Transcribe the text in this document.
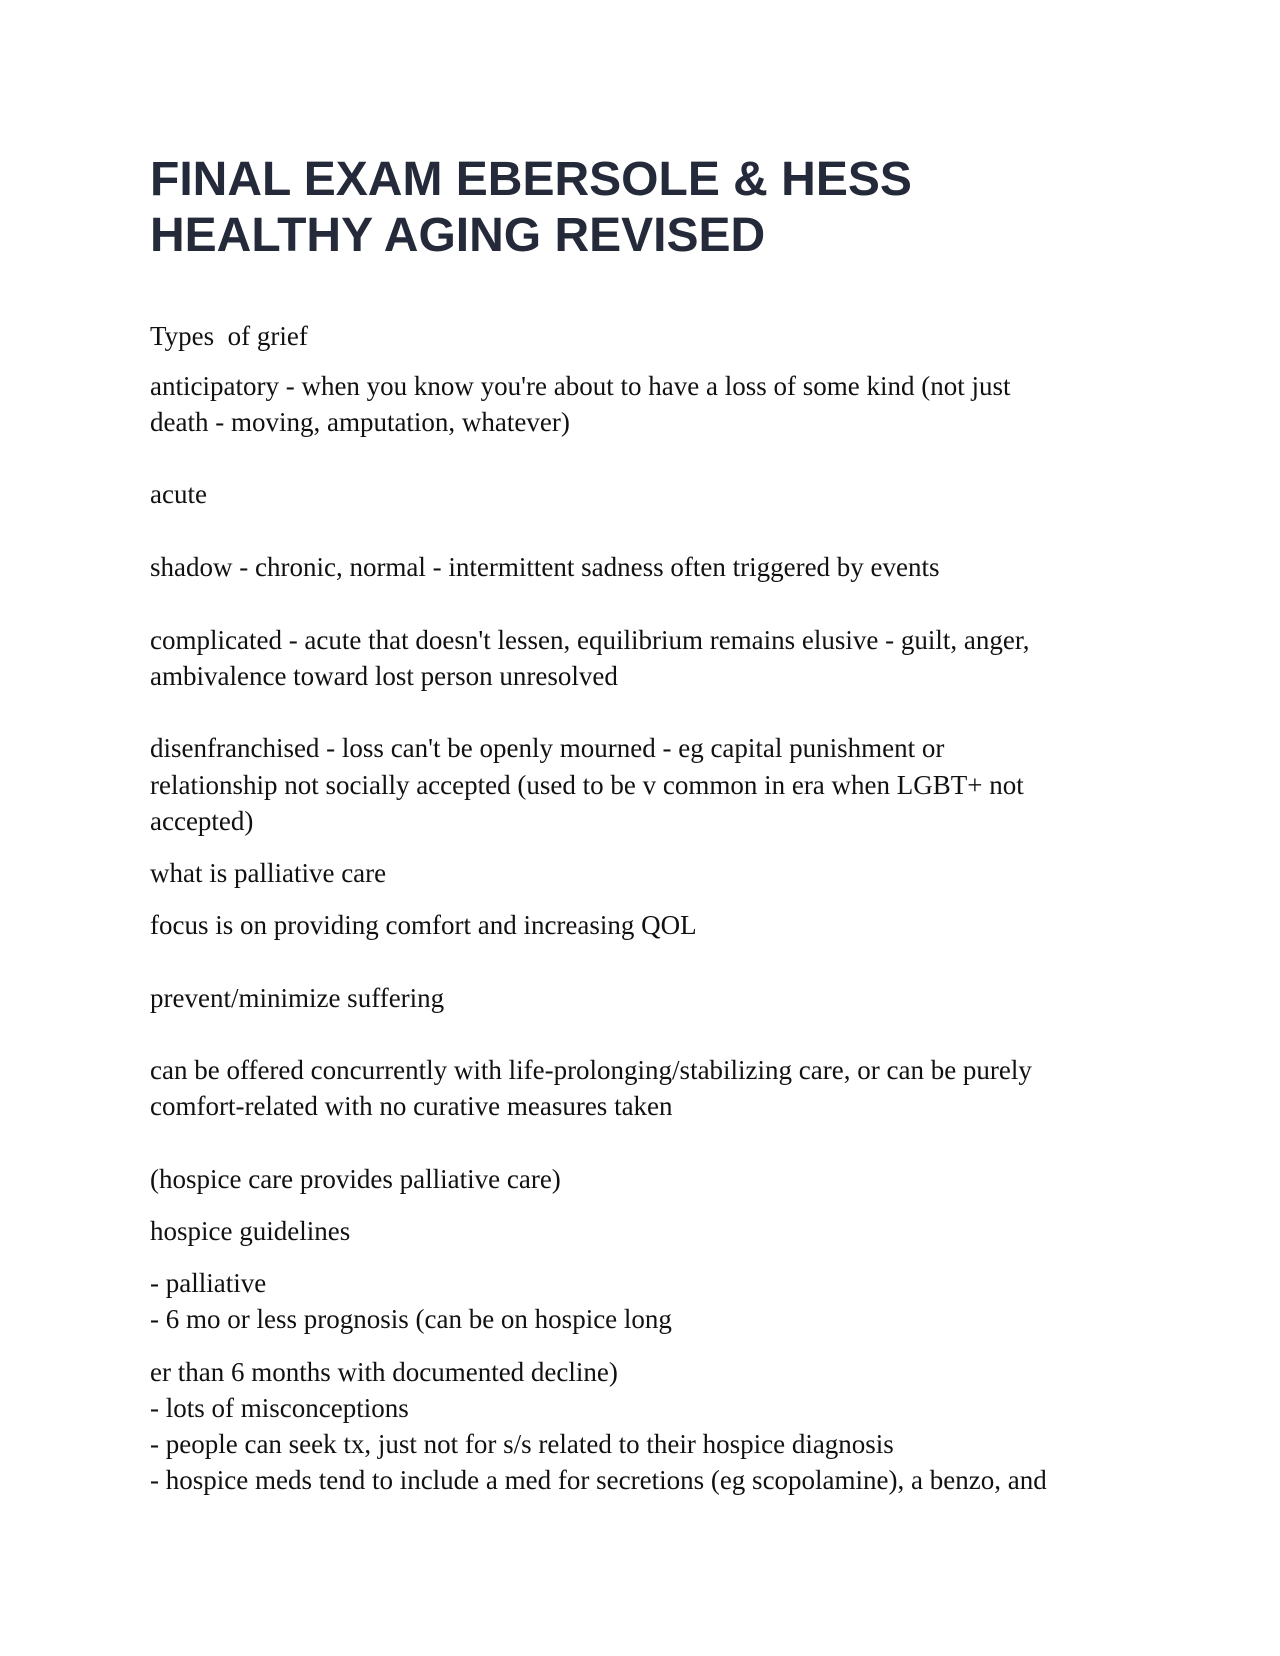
FINAL EXAM EBERSOLE & HESS
HEALTHY AGING REVISED

Types  of grief

anticipatory - when you know you're about to have a loss of some kind (not just

death - moving, amputation, whatever)

acute

shadow - chronic, normal - intermittent sadness often triggered by events

complicated - acute that doesn't lessen, equilibrium remains elusive - guilt, anger,

ambivalence toward lost person unresolved

disenfranchised - loss can't be openly mourned - eg capital punishment or

relationship not socially accepted (used to be v common in era when LGBT+ not

accepted)

what is palliative care

focus is on providing comfort and increasing QOL

prevent/minimize suffering

can be offered concurrently with life-prolonging/stabilizing care, or can be purely

comfort-related with no curative measures taken

(hospice care provides palliative care)

hospice guidelines

- palliative

- 6 mo or less prognosis (can be on hospice long

er than 6 months with documented decline)

- lots of misconceptions

- people can seek tx, just not for s/s related to their hospice diagnosis

- hospice meds tend to include a med for secretions (eg scopolamine), a benzo, and
